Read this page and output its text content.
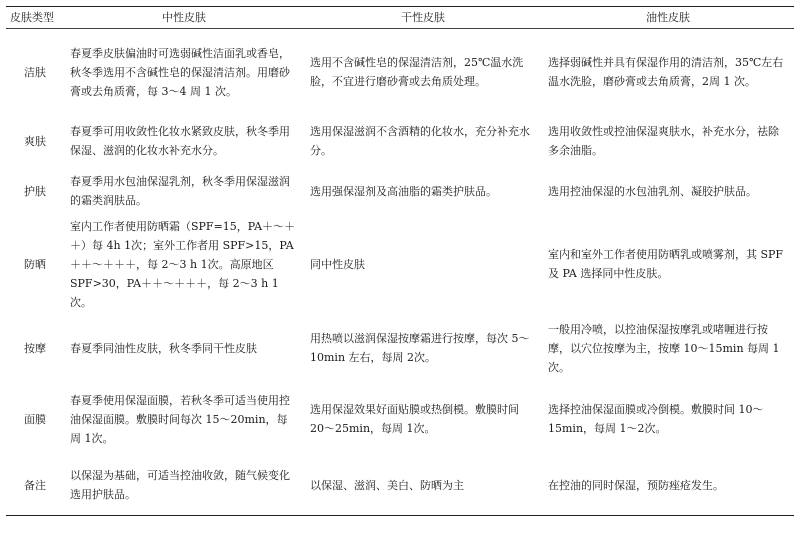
皮肤类型	中性皮肤	干性皮肤	油性皮肤
洁肤	春夏季皮肤偏油时可选弱碱性洁面乳或香皂，秋冬季选用不含碱性皂的保湿清洁剂。用磨砂膏或去角质膏，每 3～4 周 1 次。	选用不含碱性皂的保湿清洁剂，25℃温水洗脸，不宜进行磨砂膏或去角质处理。	选择弱碱性并具有保湿作用的清洁剂，35℃左右温水洗脸，磨砂膏或去角质膏，2周 1 次。
爽肤	春夏季可用收敛性化妆水紧致皮肤，秋冬季用保湿、滋润的化妆水补充水分。	选用保湿滋润不含酒精的化妆水，充分补充水分。	选用收敛性或控油保湿爽肤水，补充水分，祛除多余油脂。
护肤	春夏季用水包油保湿乳剂，秋冬季用保湿滋润的霜类润肤品。	选用强保湿剂及高油脂的霜类护肤品。	选用控油保湿的水包油乳剂、凝胶护肤品。
防晒	室内工作者使用防晒霜（SPF=15，PA＋～＋＋）每 4h 1次；室外工作者用 SPF>15，PA＋＋～＋＋＋，每 2～3 h 1次。高原地区 SPF>30，PA＋＋～＋＋＋，每 2～3 h 1次。	同中性皮肤	室内和室外工作者使用防晒乳或喷雾剂，其 SPF 及 PA 选择同中性皮肤。
按摩	春夏季同油性皮肤，秋冬季同干性皮肤	用热喷以滋润保湿按摩霜进行按摩，每次 5～10min 左右，每周 2次。	一般用冷喷，以控油保湿按摩乳或啫喱进行按摩，以穴位按摩为主，按摩 10～15min 每周 1次。
面膜	春夏季使用保湿面膜，若秋冬季可适当使用控油保湿面膜。敷膜时间每次 15～20min，每周 1次。	选用保湿效果好面贴膜或热倒模。敷膜时间 20～25min，每周 1次。	选择控油保湿面膜或冷倒模。敷膜时间 10～15min，每周 1～2次。
备注	以保湿为基础，可适当控油收敛，随气候变化选用护肤品。	以保湿、滋润、美白、防晒为主	在控油的同时保湿，预防痤疮发生。
